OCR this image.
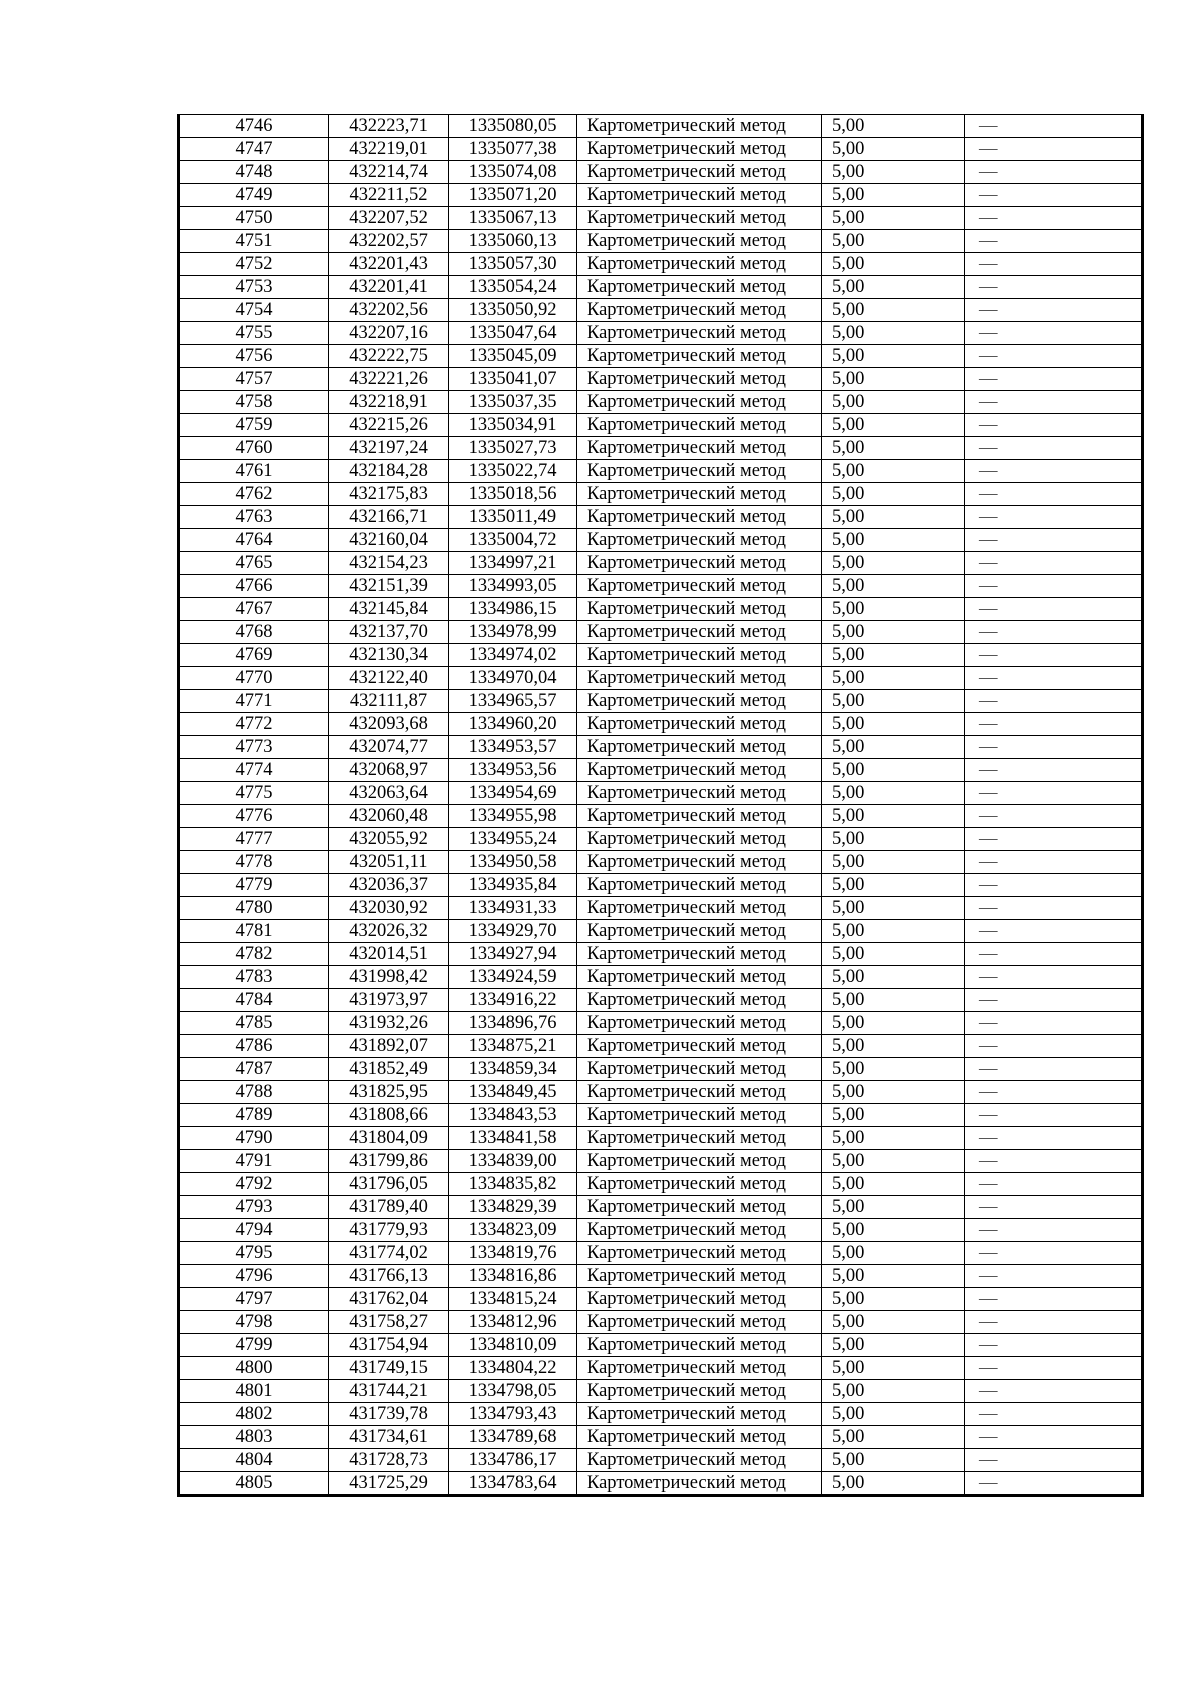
4746	432223,71	1335080,05	Картометрический метод	5,00	—
4747	432219,01	1335077,38	Картометрический метод	5,00	—
4748	432214,74	1335074,08	Картометрический метод	5,00	—
4749	432211,52	1335071,20	Картометрический метод	5,00	—
4750	432207,52	1335067,13	Картометрический метод	5,00	—
4751	432202,57	1335060,13	Картометрический метод	5,00	—
4752	432201,43	1335057,30	Картометрический метод	5,00	—
4753	432201,41	1335054,24	Картометрический метод	5,00	—
4754	432202,56	1335050,92	Картометрический метод	5,00	—
4755	432207,16	1335047,64	Картометрический метод	5,00	—
4756	432222,75	1335045,09	Картометрический метод	5,00	—
4757	432221,26	1335041,07	Картометрический метод	5,00	—
4758	432218,91	1335037,35	Картометрический метод	5,00	—
4759	432215,26	1335034,91	Картометрический метод	5,00	—
4760	432197,24	1335027,73	Картометрический метод	5,00	—
4761	432184,28	1335022,74	Картометрический метод	5,00	—
4762	432175,83	1335018,56	Картометрический метод	5,00	—
4763	432166,71	1335011,49	Картометрический метод	5,00	—
4764	432160,04	1335004,72	Картометрический метод	5,00	—
4765	432154,23	1334997,21	Картометрический метод	5,00	—
4766	432151,39	1334993,05	Картометрический метод	5,00	—
4767	432145,84	1334986,15	Картометрический метод	5,00	—
4768	432137,70	1334978,99	Картометрический метод	5,00	—
4769	432130,34	1334974,02	Картометрический метод	5,00	—
4770	432122,40	1334970,04	Картометрический метод	5,00	—
4771	432111,87	1334965,57	Картометрический метод	5,00	—
4772	432093,68	1334960,20	Картометрический метод	5,00	—
4773	432074,77	1334953,57	Картометрический метод	5,00	—
4774	432068,97	1334953,56	Картометрический метод	5,00	—
4775	432063,64	1334954,69	Картометрический метод	5,00	—
4776	432060,48	1334955,98	Картометрический метод	5,00	—
4777	432055,92	1334955,24	Картометрический метод	5,00	—
4778	432051,11	1334950,58	Картометрический метод	5,00	—
4779	432036,37	1334935,84	Картометрический метод	5,00	—
4780	432030,92	1334931,33	Картометрический метод	5,00	—
4781	432026,32	1334929,70	Картометрический метод	5,00	—
4782	432014,51	1334927,94	Картометрический метод	5,00	—
4783	431998,42	1334924,59	Картометрический метод	5,00	—
4784	431973,97	1334916,22	Картометрический метод	5,00	—
4785	431932,26	1334896,76	Картометрический метод	5,00	—
4786	431892,07	1334875,21	Картометрический метод	5,00	—
4787	431852,49	1334859,34	Картометрический метод	5,00	—
4788	431825,95	1334849,45	Картометрический метод	5,00	—
4789	431808,66	1334843,53	Картометрический метод	5,00	—
4790	431804,09	1334841,58	Картометрический метод	5,00	—
4791	431799,86	1334839,00	Картометрический метод	5,00	—
4792	431796,05	1334835,82	Картометрический метод	5,00	—
4793	431789,40	1334829,39	Картометрический метод	5,00	—
4794	431779,93	1334823,09	Картометрический метод	5,00	—
4795	431774,02	1334819,76	Картометрический метод	5,00	—
4796	431766,13	1334816,86	Картометрический метод	5,00	—
4797	431762,04	1334815,24	Картометрический метод	5,00	—
4798	431758,27	1334812,96	Картометрический метод	5,00	—
4799	431754,94	1334810,09	Картометрический метод	5,00	—
4800	431749,15	1334804,22	Картометрический метод	5,00	—
4801	431744,21	1334798,05	Картометрический метод	5,00	—
4802	431739,78	1334793,43	Картометрический метод	5,00	—
4803	431734,61	1334789,68	Картометрический метод	5,00	—
4804	431728,73	1334786,17	Картометрический метод	5,00	—
4805	431725,29	1334783,64	Картометрический метод	5,00	—
